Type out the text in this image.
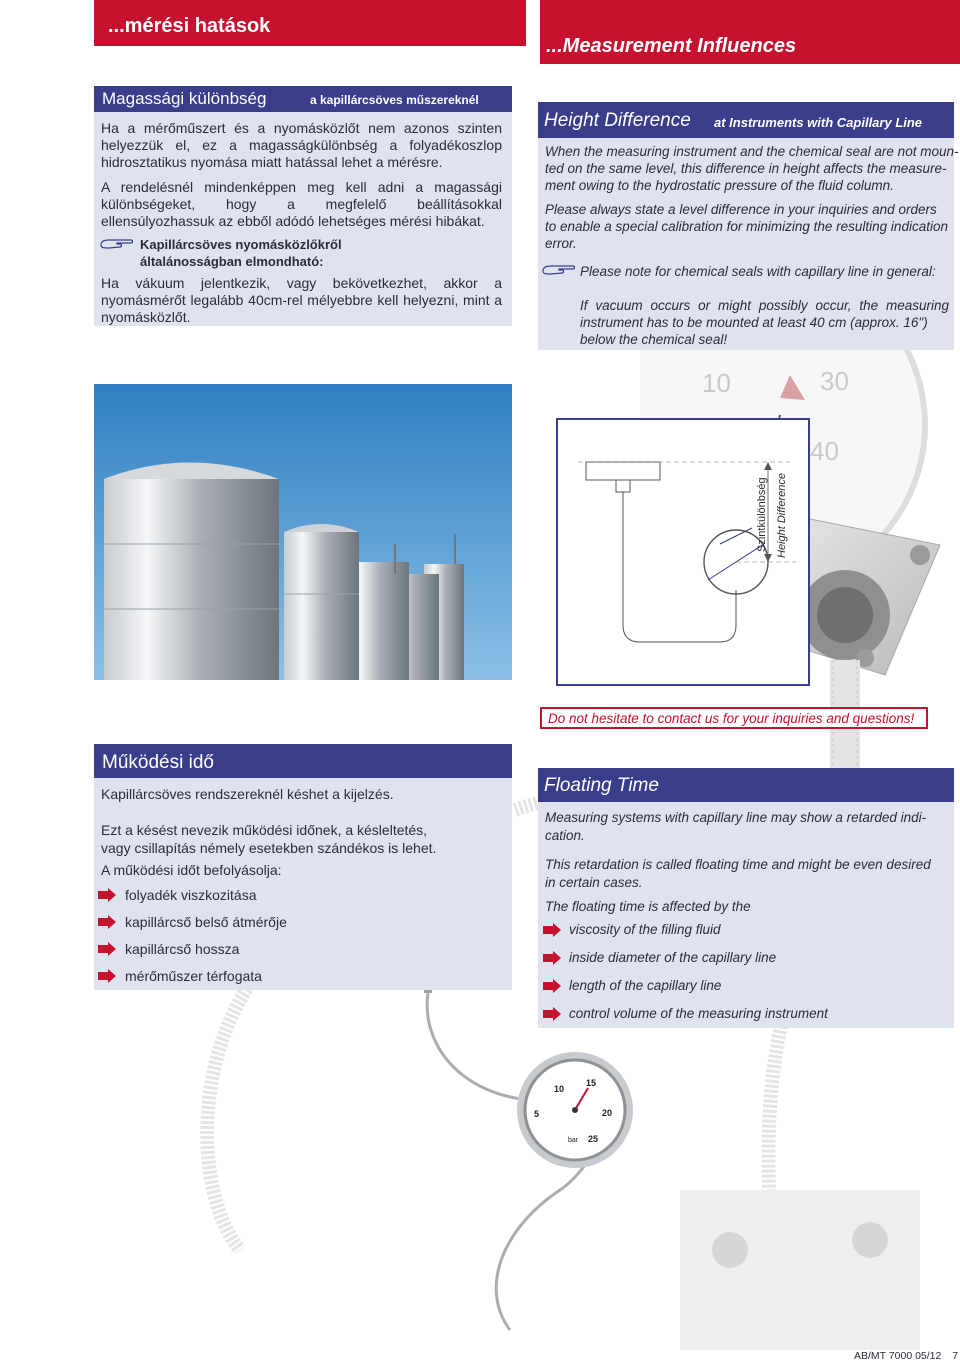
...mérési hatások
...Measurement Influences
10	30
40
Magassági különbség	a kapillárcsöves műszereknél
Ha a mérőműszert és a nyomásközlőt nem azonos szinten
helyezzük el, ez a magasságkülönbség a folyadékoszlop
hidrosztatikus nyomása miatt hatással lehet a mérésre.
A rendelésnél mindenképpen meg kell adni a magassági
különbségeket, hogy a megfelelő beállításokkal
ellensúlyozhassuk az ebből adódó lehetséges mérési hibákat.
Kapillárcsöves nyomásközlőkről
általánosságban elmondható:
Ha vákuum jelentkezik, vagy bekövetkezhet, akkor a
nyomásmérőt legalább 40cm-rel mélyebbre kell helyezni, mint a
nyomásközlőt.
Height Difference at Instruments with Capillary Line
When the measuring instrument and the chemical seal are not moun-
ted on the same level, this difference in height affects the measure-
ment owing to the hydrostatic pressure of the fluid column.
Please always state a level difference in your inquiries and orders
to enable a special calibration for minimizing the resulting indication
error.
Please note for chemical seals with capillary line in general:
If vacuum occurs or might possibly occur, the measuring
instrument has to be mounted at least 40 cm (approx. 16")
below the chemical seal!
Szintkülönbség Height Difference
Do not hesitate to contact us for your inquiries and questions!
5
10
15
20
25
bar
Működési idő
Kapillárcsöves rendszereknél késhet a kijelzés.
Ezt a késést nevezik működési időnek, a késleltetés,
vagy csillapítás némely esetekben szándékos is lehet.
A működési időt befolyásolja:
folyadék viszkozitása
kapillárcső belső átmérője
kapillárcső hossza
mérőműszer térfogata
Floating Time
Measuring systems with capillary line may show a retarded indi-
cation.
This retardation is called floating time and might be even desired
in certain cases.
The floating time is affected by the
viscosity of the filling fluid
inside diameter of the capillary line
length of the capillary line
control volume of the measuring instrument
AB/MT 7000 05/12 7
